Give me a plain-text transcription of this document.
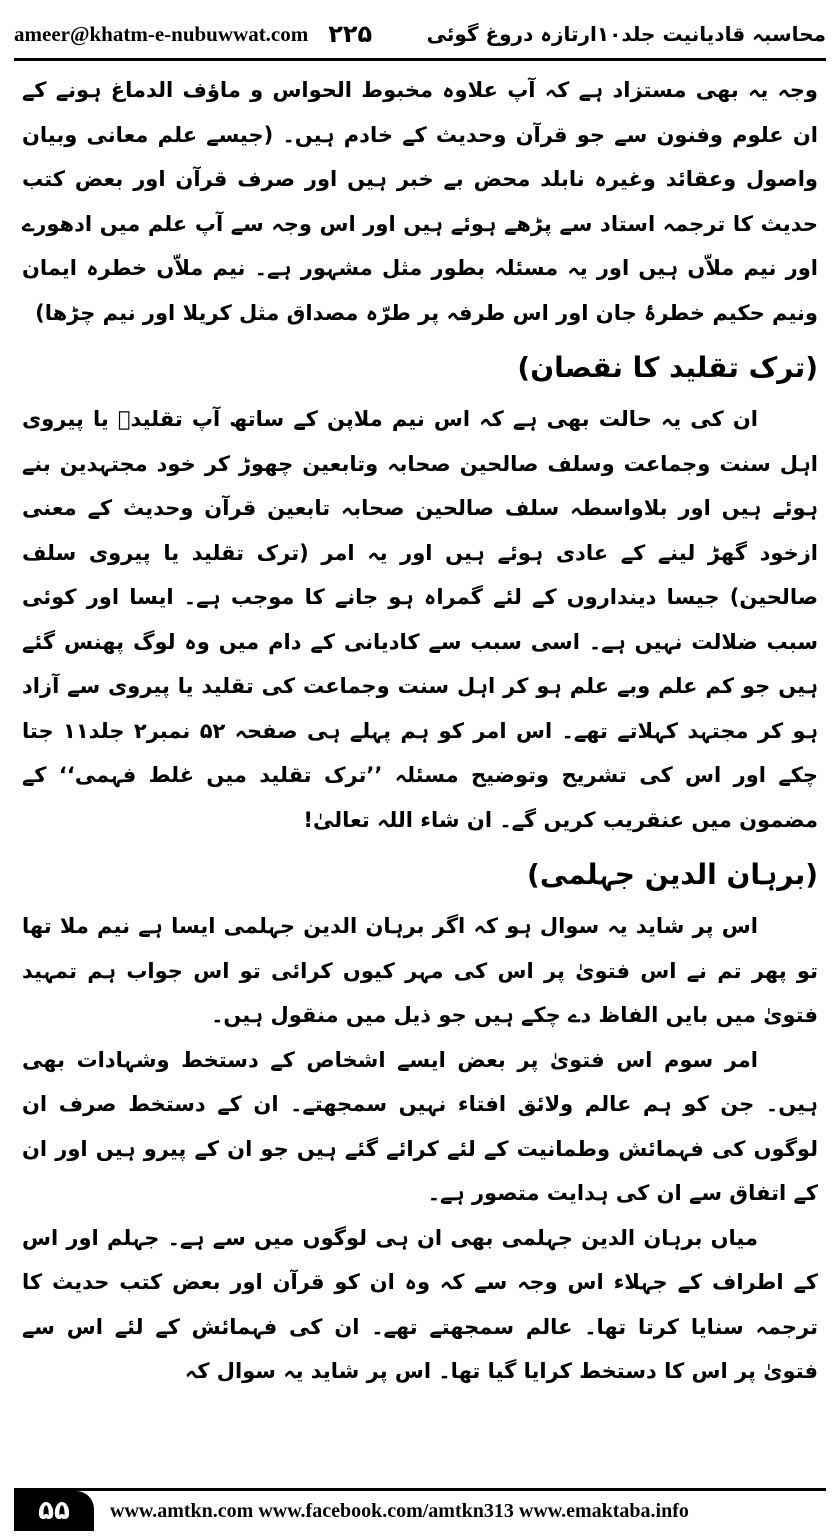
ameer@khatm-e-nubuwwat.com ۲۲۵	محاسبہ قادیانیت جلد۱۰ارتازہ دروغ گوئی

وجہ یہ بھی مستزاد ہے کہ آپ علاوہ مخبوط الحواس و ماؤف الدماغ ہونے کے ان علوم وفنون سے جو قرآن وحدیث کے خادم ہیں۔ (جیسے علم معانی وبیان واصول وعقائد وغیرہ نابلد محض بے خبر ہیں اور صرف قرآن اور بعض کتب حدیث کا ترجمہ استاد سے پڑھے ہوئے ہیں اور اس وجہ سے آپ علم میں ادھورے اور نیم ملاّں ہیں اور یہ مسئلہ بطور مثل مشہور ہے۔ نیم ملاّں خطرہ ایمان ونیم حکیم خطرۂ جان اور اس طرفہ پر طرّہ مصداق مثل کریلا اور نیم چڑھا)

(ترک تقلید کا نقصان)

ان کی یہ حالت بھی ہے کہ اس نیم ملاپن کے ساتھ آپ تقلیدؒ یا پیروی اہل سنت وجماعت وسلف صالحین صحابہ وتابعین چھوڑ کر خود مجتہدین بنے ہوئے ہیں اور بلاواسطہ سلف صالحین صحابہ تابعین قرآن وحدیث کے معنی ازخود گھڑ لینے کے عادی ہوئے ہیں اور یہ امر (ترک تقلید یا پیروی سلف صالحین) جیسا دینداروں کے لئے گمراہ ہو جانے کا موجب ہے۔ ایسا اور کوئی سبب ضلالت نہیں ہے۔ اسی سبب سے کادیانی کے دام میں وہ لوگ پھنس گئے ہیں جو کم علم وبے علم ہو کر اہل سنت وجماعت کی تقلید یا پیروی سے آزاد ہو کر مجتہد کہلاتے تھے۔ اس امر کو ہم پہلے ہی صفحہ ۵۲ نمبر۲ جلد۱۱ جتا چکے اور اس کی تشریح وتوضیح مسئلہ ’’ترک تقلید میں غلط فہمی‘‘ کے مضمون میں عنقریب کریں گے۔ ان شاء اللہ تعالیٰ!

(برہان الدین جہلمی)

اس پر شاید یہ سوال ہو کہ اگر برہان الدین جہلمی ایسا ہے نیم ملا تھا تو پھر تم نے اس فتویٰ پر اس کی مہر کیوں کرائی تو اس جواب ہم تمہید فتویٰ میں بایں الفاظ دے چکے ہیں جو ذیل میں منقول ہیں۔

امر سوم اس فتویٰ پر بعض ایسے اشخاص کے دستخط وشہادات بھی ہیں۔ جن کو ہم عالم ولائق افتاء نہیں سمجھتے۔ ان کے دستخط صرف ان لوگوں کی فہمائش وطمانیت کے لئے کرائے گئے ہیں جو ان کے پیرو ہیں اور ان کے اتفاق سے ان کی ہدایت متصور ہے۔

میاں برہان الدین جہلمی بھی ان ہی لوگوں میں سے ہے۔ جہلم اور اس کے اطراف کے جہلاء اس وجہ سے کہ وہ ان کو قرآن اور بعض کتب حدیث کا ترجمہ سنایا کرتا تھا۔ عالم سمجھتے تھے۔ ان کی فہمائش کے لئے اس سے فتویٰ پر اس کا دستخط کرایا گیا تھا۔ اس پر شاید یہ سوال کہ

۵۵	www.amtkn.com www.facebook.com/amtkn313 www.emaktaba.info
